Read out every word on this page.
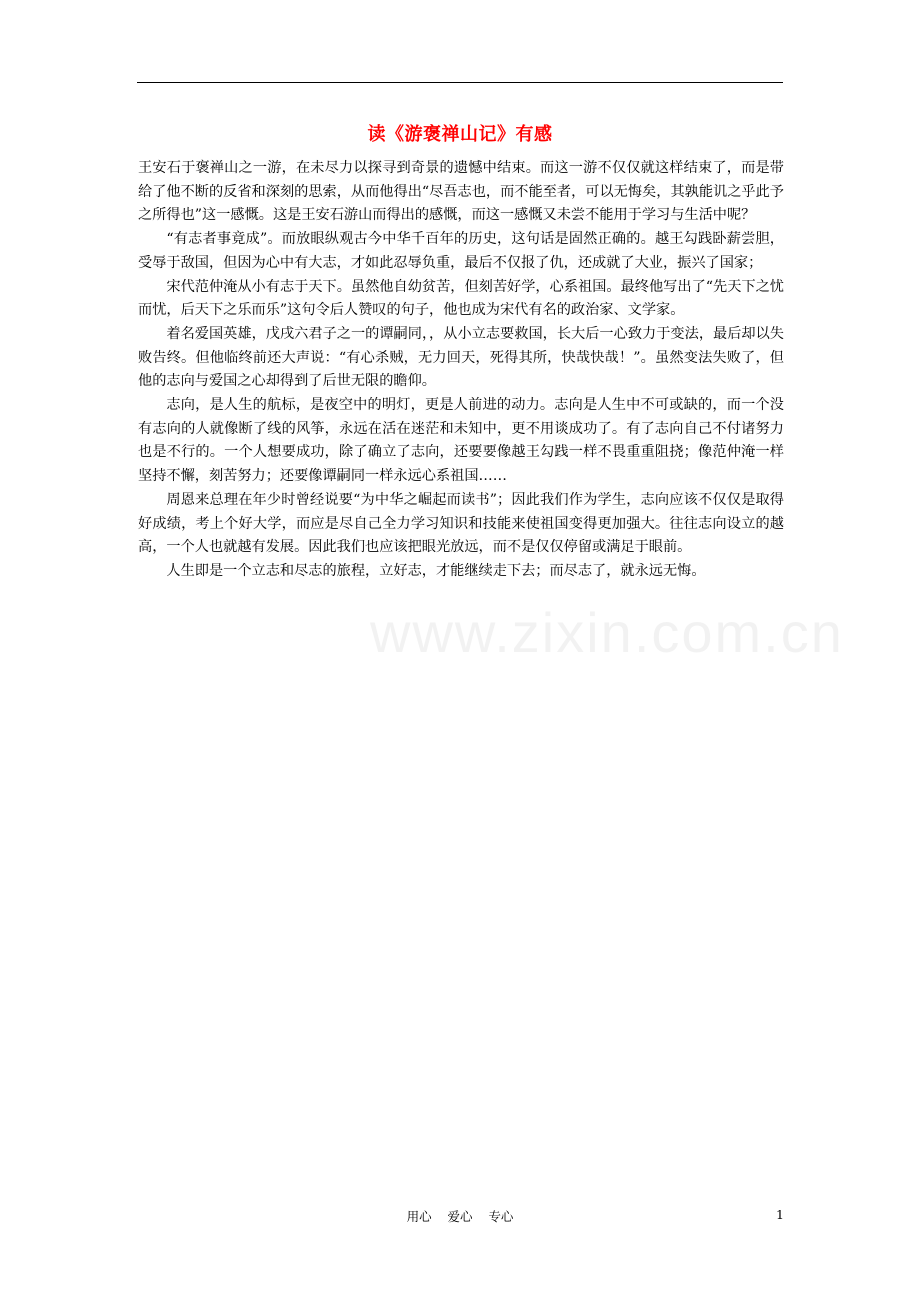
读《游褒禅山记》有感

王安石于褒禅山之一游，在未尽力以探寻到奇景的遗憾中结束。而这一游不仅仅就这样结束了，而是带给了他不断的反省和深刻的思索，从而他得出“尽吾志也，而不能至者，可以无悔矣，其孰能讥之乎此予之所得也”这一感慨。这是王安石游山而得出的感慨，而这一感慨又未尝不能用于学习与生活中呢？

“有志者事竟成”。而放眼纵观古今中华千百年的历史，这句话是固然正确的。越王勾践卧薪尝胆，受辱于敌国，但因为心中有大志，才如此忍辱负重，最后不仅报了仇，还成就了大业，振兴了国家；

宋代范仲淹从小有志于天下。虽然他自幼贫苦，但刻苦好学，心系祖国。最终他写出了“先天下之忧而忧，后天下之乐而乐”这句令后人赞叹的句子，他也成为宋代有名的政治家、文学家。

着名爱国英雄，戊戌六君子之一的谭嗣同，，从小立志要救国，长大后一心致力于变法，最后却以失败告终。但他临终前还大声说：“有心杀贼，无力回天，死得其所，快哉快哉！”。虽然变法失败了，但他的志向与爱国之心却得到了后世无限的瞻仰。

志向，是人生的航标，是夜空中的明灯，更是人前进的动力。志向是人生中不可或缺的，而一个没有志向的人就像断了线的风筝，永远在活在迷茫和未知中，更不用谈成功了。有了志向自己不付诸努力也是不行的。一个人想要成功，除了确立了志向，还要要像越王勾践一样不畏重重阻挠；像范仲淹一样坚持不懈，刻苦努力；还要像谭嗣同一样永远心系祖国……

周恩来总理在年少时曾经说要“为中华之崛起而读书”；因此我们作为学生，志向应该不仅仅是取得好成绩，考上个好大学，而应是尽自己全力学习知识和技能来使祖国变得更加强大。往往志向设立的越高，一个人也就越有发展。因此我们也应该把眼光放远，而不是仅仅停留或满足于眼前。

人生即是一个立志和尽志的旅程，立好志，才能继续走下去；而尽志了，就永远无悔。

www.zixin.com.cn
用心    爱心    专心	1
